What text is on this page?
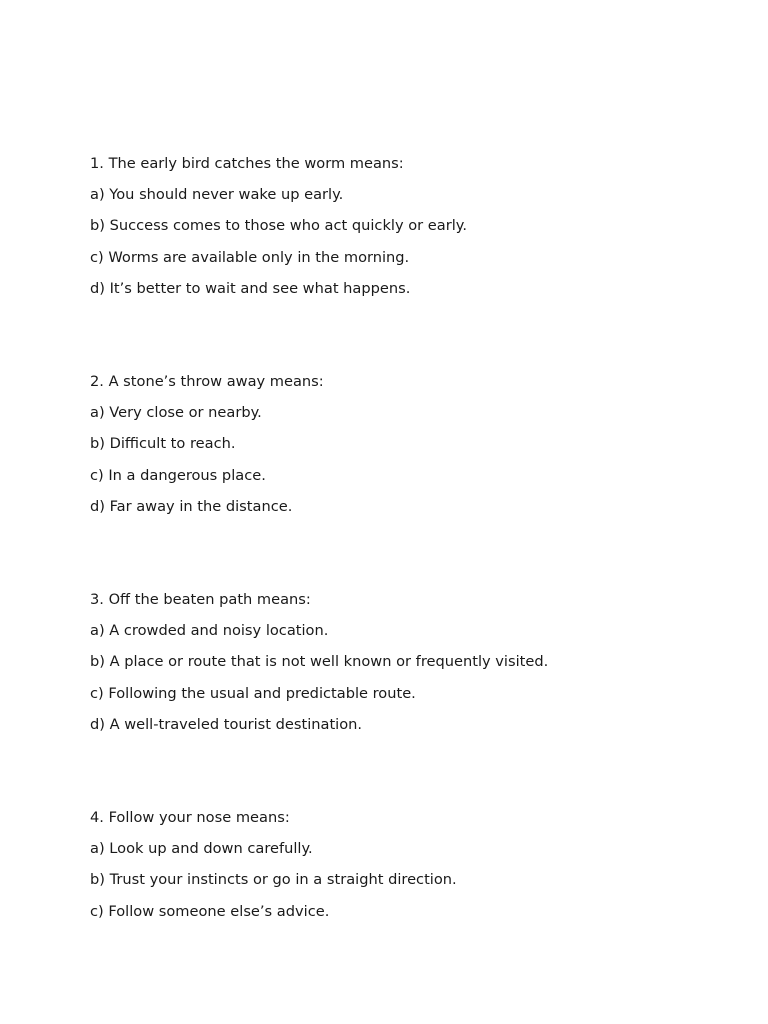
1. The early bird catches the worm means:
a) You should never wake up early.
b) Success comes to those who act quickly or early.
c) Worms are available only in the morning.
d) It’s better to wait and see what happens.
2. A stone’s throw away means:
a) Very close or nearby.
b) Difficult to reach.
c) In a dangerous place.
d) Far away in the distance.
3. Off the beaten path means:
a) A crowded and noisy location.
b) A place or route that is not well known or frequently visited.
c) Following the usual and predictable route.
d) A well-traveled tourist destination.
4. Follow your nose means:
a) Look up and down carefully.
b) Trust your instincts or go in a straight direction.
c) Follow someone else’s advice.
